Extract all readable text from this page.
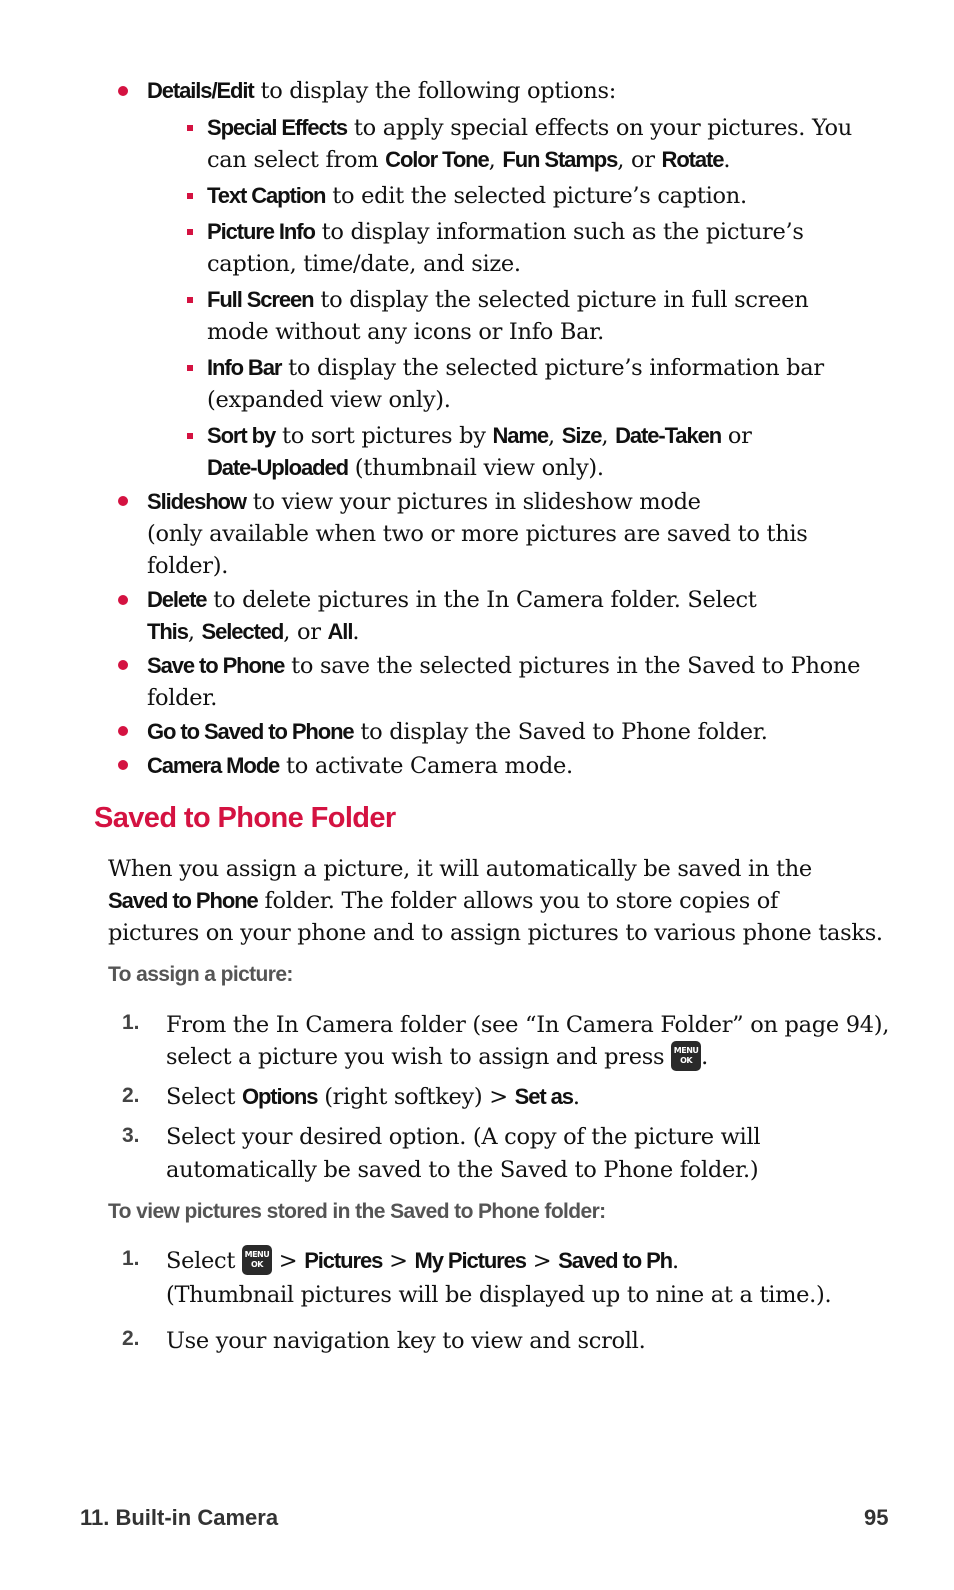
Details/Edit to display the following options:
Special Effects to apply special effects on your pictures. You
can select from Color Tone, Fun Stamps, or Rotate.
Text Caption to edit the selected picture’s caption.
Picture Info to display information such as the picture’s
caption, time/date, and size.
Full Screen to display the selected picture in full screen
mode without any icons or Info Bar.
Info Bar to display the selected picture’s information bar
(expanded view only).
Sort by to sort pictures by Name, Size, Date-Taken or
Date-Uploaded (thumbnail view only).
Slideshow to view your pictures in slideshow mode
(only available when two or more pictures are saved to this
folder).
Delete to delete pictures in the In Camera folder. Select
This, Selected, or All.
Save to Phone to save the selected pictures in the Saved to Phone
folder.
Go to Saved to Phone to display the Saved to Phone folder.
Camera Mode to activate Camera mode.
Saved to Phone Folder
When you assign a picture, it will automatically be saved in the
Saved to Phone folder. The folder allows you to store copies of
pictures on your phone and to assign pictures to various phone tasks.
To assign a picture:
1. From the In Camera folder (see “In Camera Folder” on page 94),
select a picture you wish to assign and press MENU
OK .
2. Select Options (right softkey) > Set as.
3. Select your desired option. (A copy of the picture will
automatically be saved to the Saved to Phone folder.)
To view pictures stored in the Saved to Phone folder:
1. Select MENU
OK > Pictures > My Pictures > Saved to Ph.
(Thumbnail pictures will be displayed up to nine at a time.).
2. Use your navigation key to view and scroll.
11. Built-in Camera	95
